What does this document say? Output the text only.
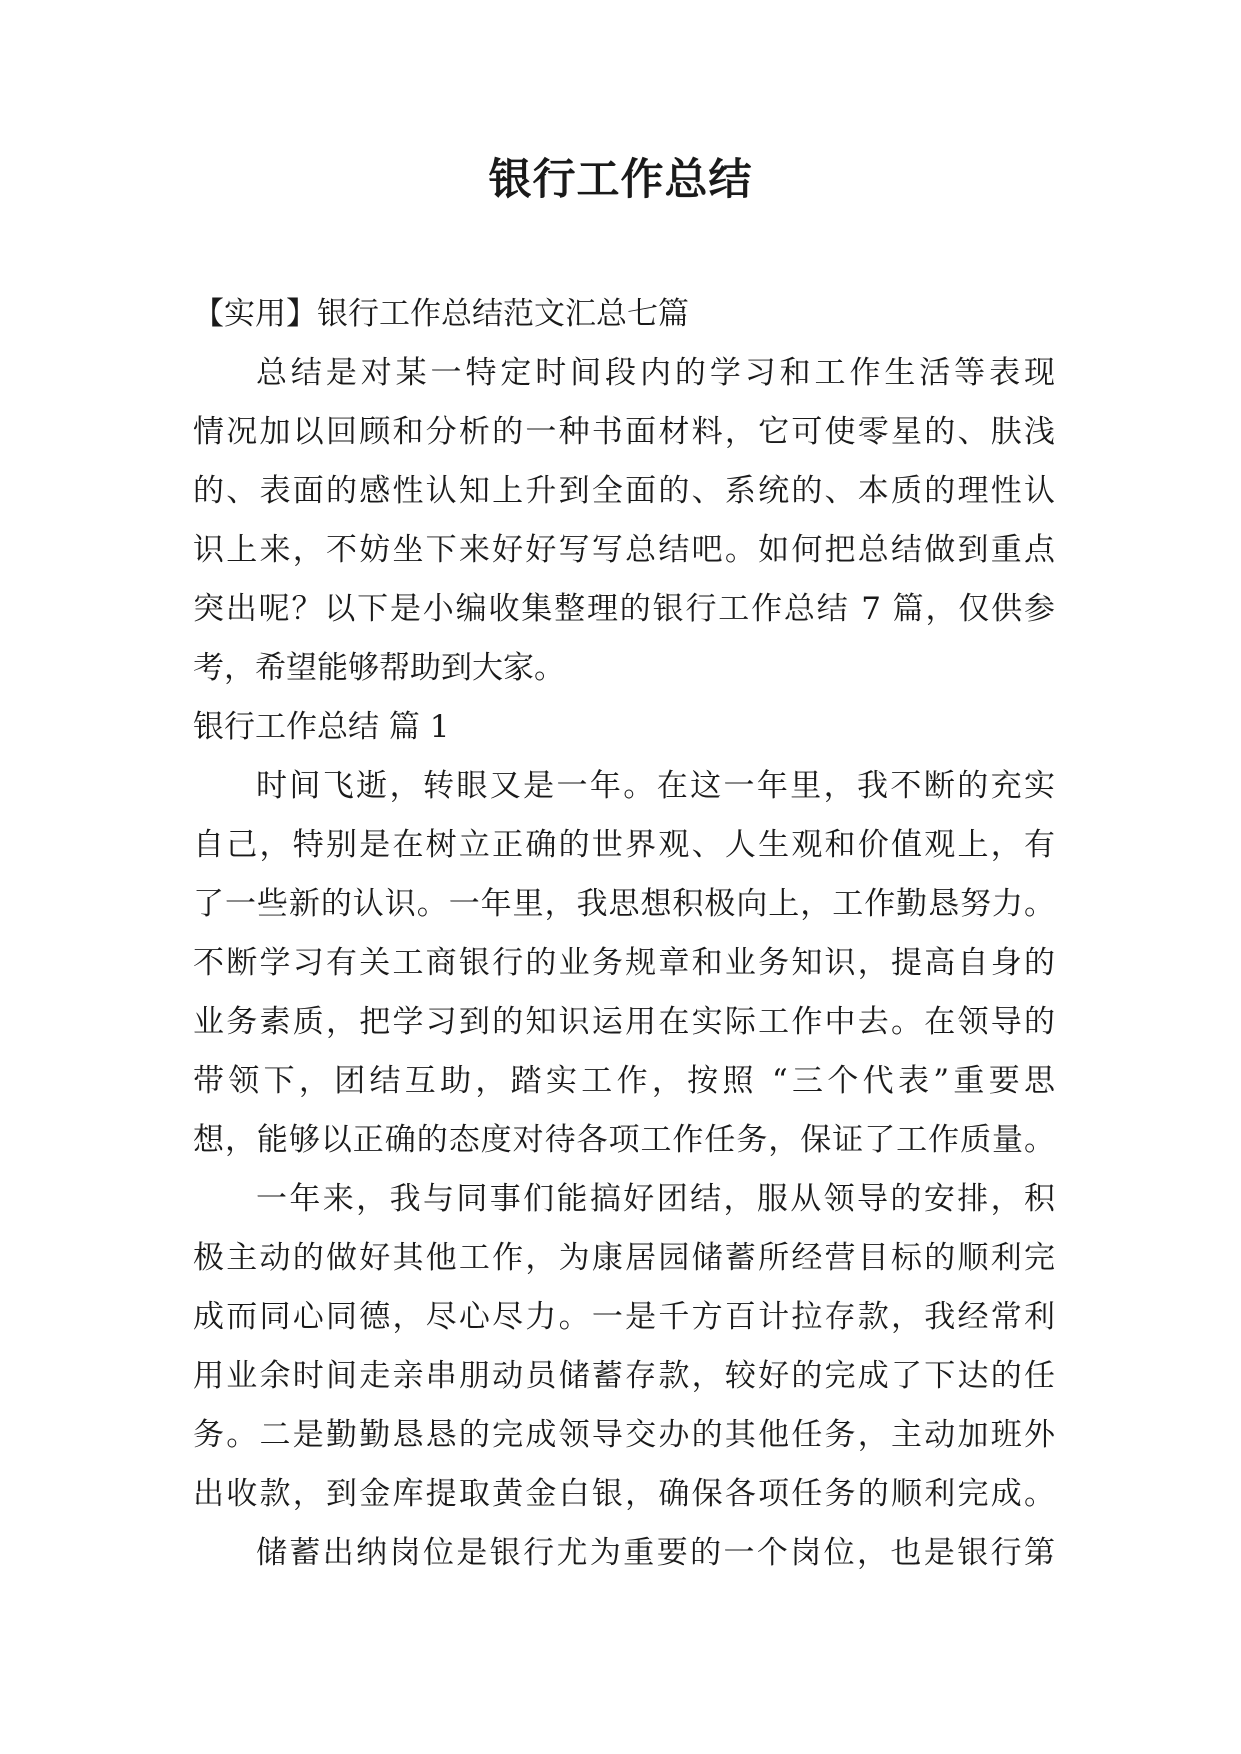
银行工作总结
【实用】银行工作总结范文汇总七篇
总结是对某一特定时间段内的学习和工作生活等表现
情况加以回顾和分析的一种书面材料，它可使零星的、肤浅
的、表面的感性认知上升到全面的、系统的、本质的理性认
识上来，不妨坐下来好好写写总结吧。如何把总结做到重点
突出呢？以下是小编收集整理的银行工作总结 7 篇，仅供参
考，希望能够帮助到大家。
银行工作总结 篇 1
时间飞逝，转眼又是一年。在这一年里，我不断的充实
自己，特别是在树立正确的世界观、人生观和价值观上，有
了一些新的认识。一年里，我思想积极向上，工作勤恳努力。
不断学习有关工商银行的业务规章和业务知识，提高自身的
业务素质，把学习到的知识运用在实际工作中去。在领导的
带领下，团结互助，踏实工作，按照 “三个代表”重要思
想，能够以正确的态度对待各项工作任务，保证了工作质量。
一年来，我与同事们能搞好团结，服从领导的安排，积
极主动的做好其他工作，为康居园储蓄所经营目标的顺利完
成而同心同德，尽心尽力。一是千方百计拉存款，我经常利
用业余时间走亲串朋动员储蓄存款，较好的完成了下达的任
务。二是勤勤恳恳的完成领导交办的其他任务，主动加班外
出收款，到金库提取黄金白银，确保各项任务的顺利完成。
储蓄出纳岗位是银行尤为重要的一个岗位，也是银行第
